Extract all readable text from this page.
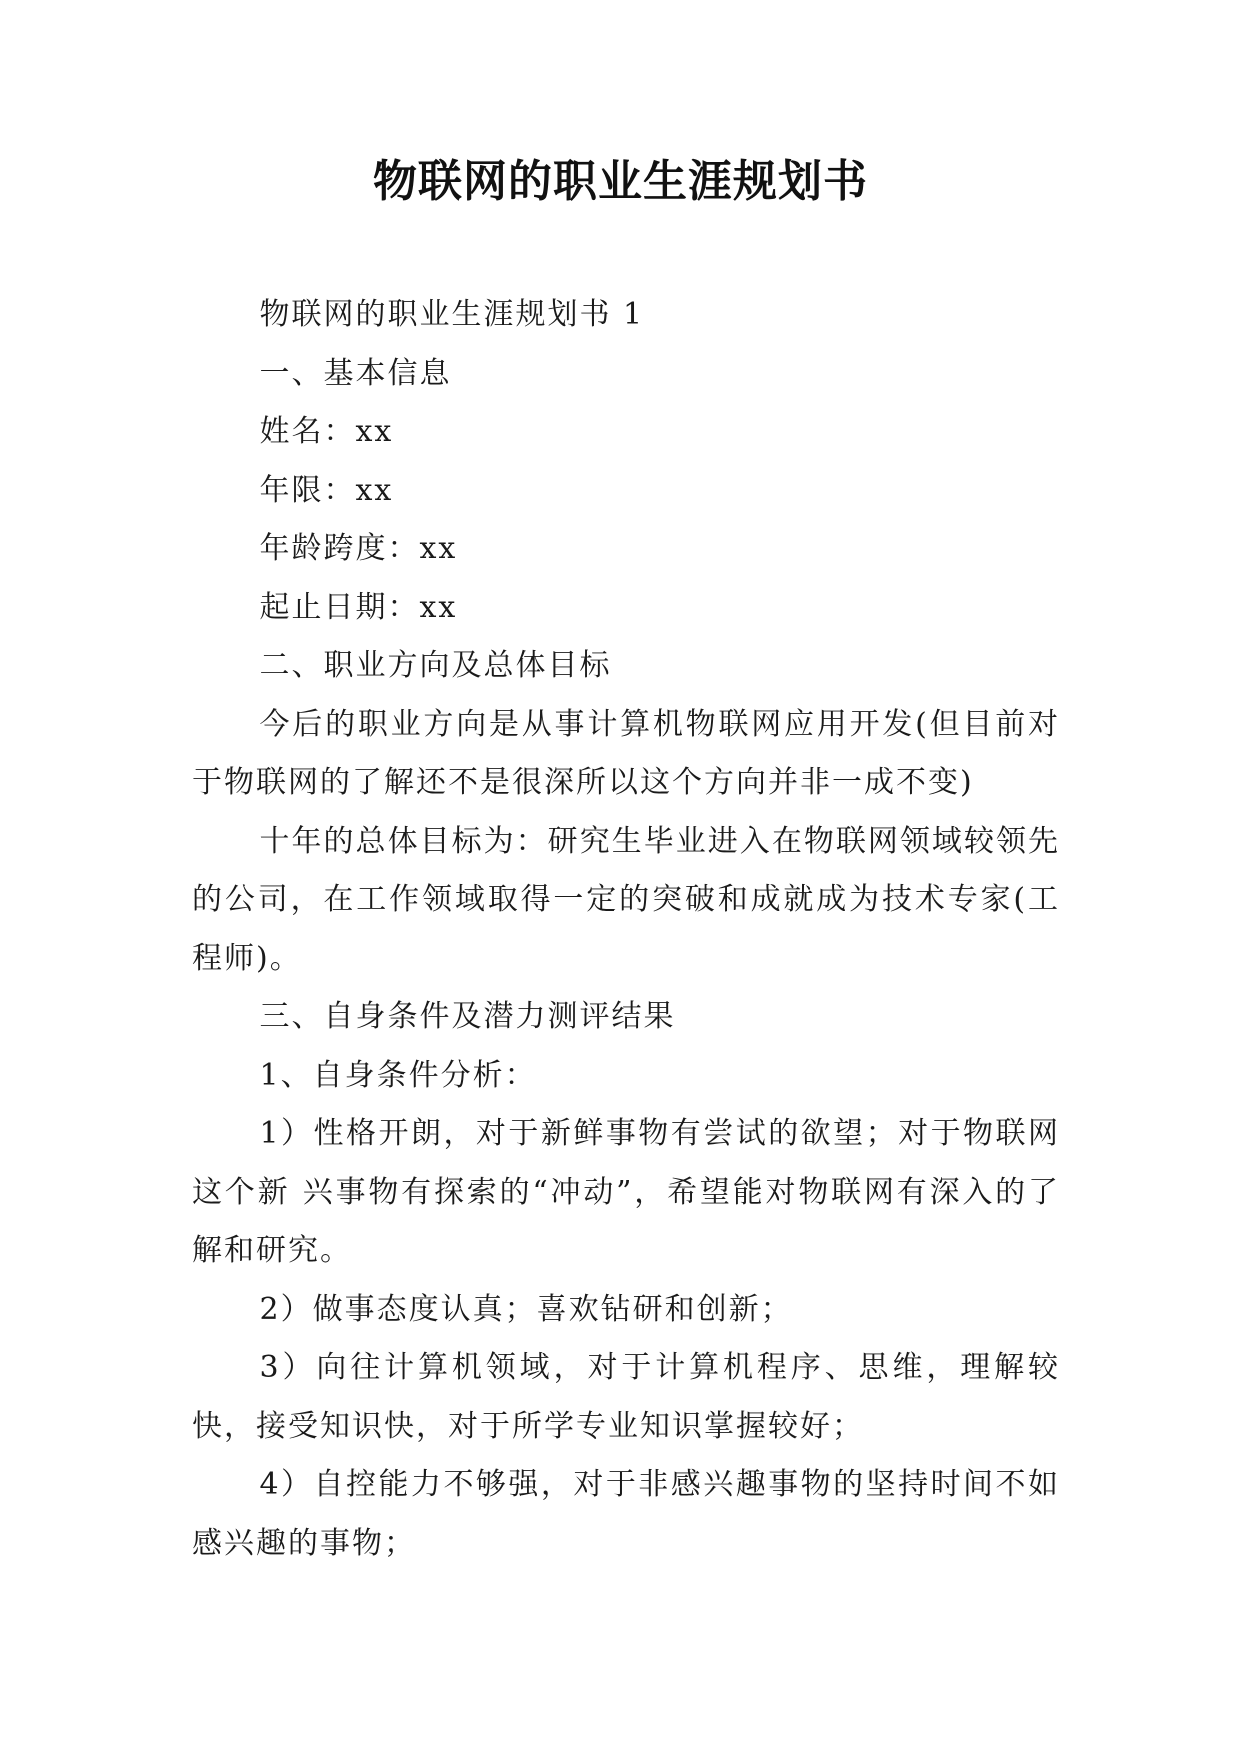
物联网的职业生涯规划书

物联网的职业生涯规划书 1

一、基本信息

姓名：xx

年限：xx

年龄跨度：xx

起止日期：xx

二、职业方向及总体目标

今后的职业方向是从事计算机物联网应用开发(但目前对于物联网的了解还不是很深所以这个方向并非一成不变)

十年的总体目标为：研究生毕业进入在物联网领域较领先的公司，在工作领域取得一定的突破和成就成为技术专家(工程师)。

三、自身条件及潜力测评结果

1、自身条件分析：

1）性格开朗，对于新鲜事物有尝试的欲望；对于物联网这个新 兴事物有探索的“冲动”，希望能对物联网有深入的了解和研究。

2）做事态度认真；喜欢钻研和创新；

3）向往计算机领域，对于计算机程序、思维，理解较快，接受知识快，对于所学专业知识掌握较好；

4）自控能力不够强，对于非感兴趣事物的坚持时间不如感兴趣的事物；
